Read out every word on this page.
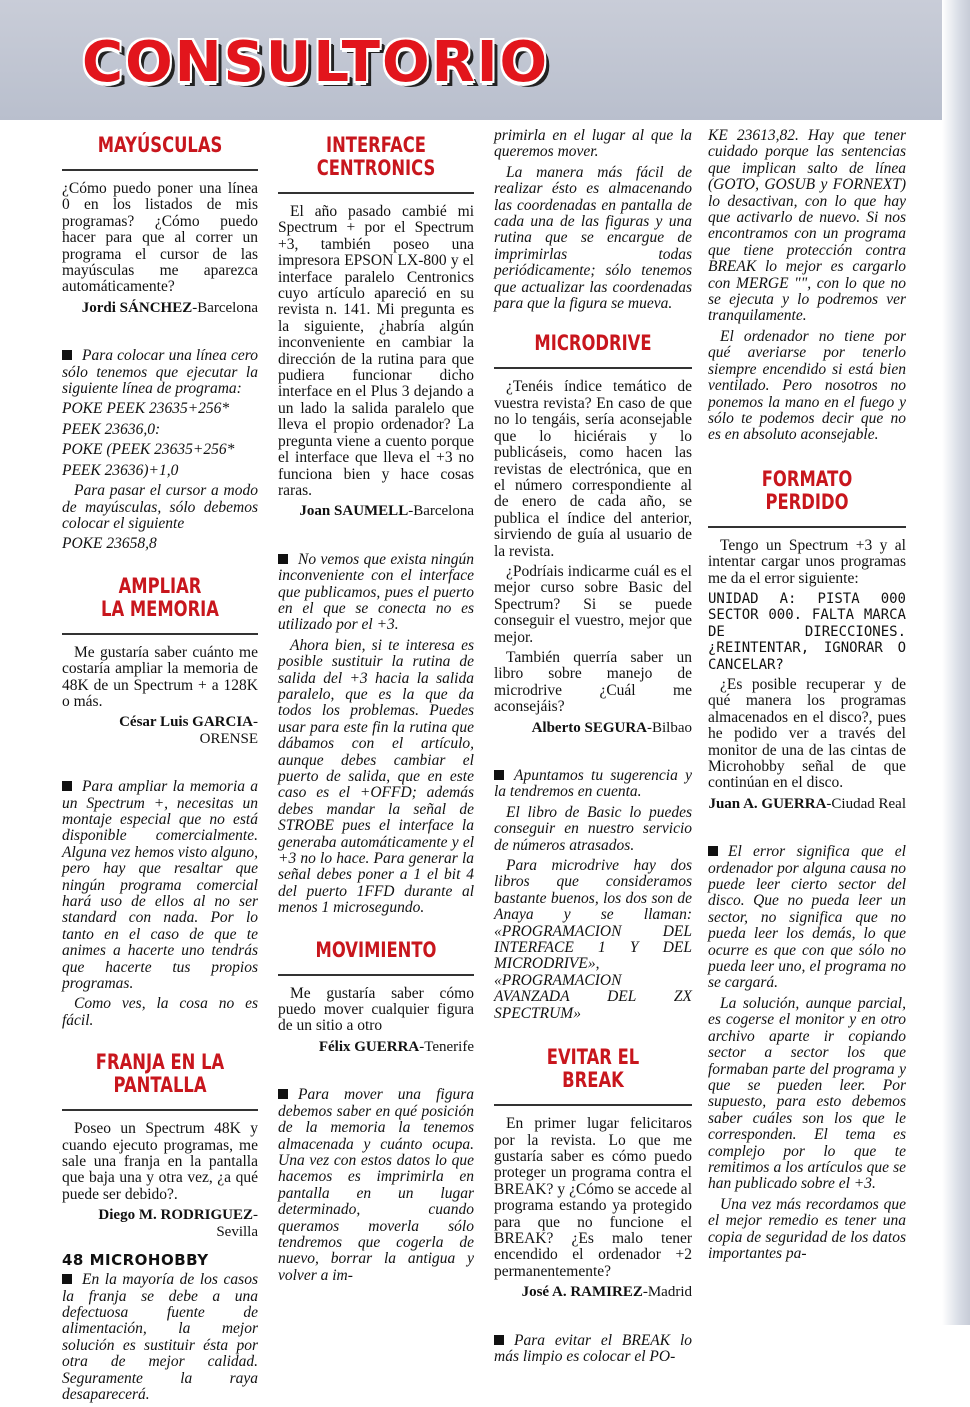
CONSULTORIO
MAYÚSCULAS

¿Cómo puedo poner una línea 0 en los listados de mis programas? ¿Cómo puedo hacer para que al correr un programa el cursor de las mayúsculas me aparezca automáticamente?

Jordi SÁNCHEZ-Barcelona

Para colocar una línea cero sólo tenemos que ejecutar la siguiente línea de programa:

POKE PEEK 23635+256*

PEEK 23636,0:

POKE (PEEK 23635+256*

PEEK 23636)+1,0

Para pasar el cursor a modo de mayúsculas, sólo debemos colocar el siguiente

POKE 23658,8

AMPLIAR
LA MEMORIA

Me gustaría saber cuánto me costaría ampliar la memoria de 48K de un Spectrum + a 128K o más.

César Luis GARCIA-ORENSE

Para ampliar la memoria a un Spectrum +, necesitas un montaje especial que no está disponible comercialmente. Alguna vez hemos visto alguno, pero hay que resaltar que ningún programa comercial hará uso de ellos al no ser standard con nada. Por lo tanto en el caso de que te animes a hacerte uno tendrás que hacerte tus propios programas.

Como ves, la cosa no es fácil.

FRANJA EN LA
PANTALLA

Poseo un Spectrum 48K y cuando ejecuto programas, me sale una franja en la pantalla que baja una y otra vez, ¿a qué puede ser debido?.

Diego M. RODRIGUEZ-Sevilla

En la mayoría de los casos la franja se debe a una defectuosa fuente de alimentación, la mejor solución es sustituir ésta por otra de mejor calidad. Seguramente la raya desaparecerá.

INTERFACE
CENTRONICS

El año pasado cambié mi Spectrum + por el Spectrum +3, también poseo una impresora EPSON LX-800 y el interface paralelo Centronics cuyo artículo apareció en su revista n. 141. Mi pregunta es la siguiente, ¿habría algún inconveniente en cambiar la dirección de la rutina para que pudiera funcionar dicho interface en el Plus 3 dejando a un lado la salida paralelo que lleva el propio ordenador? La pregunta viene a cuento porque el interface que lleva el +3 no funciona bien y hace cosas raras.

Joan SAUMELL-Barcelona

No vemos que exista ningún inconveniente con el interface que publicamos, pues el puerto en el que se conecta no es utilizado por el +3.

Ahora bien, si te interesa es posible sustituir la rutina de salida del +3 hacia la salida paralelo, que es la que da todos los problemas. Puedes usar para este fin la rutina que dábamos con el artículo, aunque debes cambiar el puerto de salida, que en este caso es el +OFFD; además debes mandar la señal de STROBE pues el interface la generaba automáticamente y el +3 no lo hace. Para generar la señal debes poner a 1 el bit 4 del puerto 1FFD durante al menos 1 microsegundo.

MOVIMIENTO

Me gustaría saber cómo puedo mover cualquier figura de un sitio a otro

Félix GUERRA-Tenerife

Para mover una figura debemos saber en qué posición de la memoria la tenemos almacenada y cuánto ocupa. Una vez con estos datos lo que hacemos es imprimirla en pantalla en un lugar determinado, cuando queramos moverla sólo tendremos que cogerla de nuevo, borrar la antigua y volver a im-

primirla en el lugar al que la queremos mover.

La manera más fácil de realizar ésto es almacenando las coordenadas en pantalla de cada una de las figuras y una rutina que se encargue de imprimirlas todas periódicamente; sólo tenemos que actualizar las coordenadas para que la figura se mueva.

MICRODRIVE

¿Tenéis índice temático de vuestra revista? En caso de que no lo tengáis, sería aconsejable que lo hiciérais y lo publicáseis, como hacen las revistas de electrónica, que en el número correspondiente al de enero de cada año, se publica el índice del anterior, sirviendo de guía al usuario de la revista.

¿Podríais indicarme cuál es el mejor curso sobre Basic del Spectrum? Si se puede conseguir el vuestro, mejor que mejor.

También querría saber un libro sobre manejo de microdrive ¿Cuál me aconsejáis?

Alberto SEGURA-Bilbao

Apuntamos tu sugerencia y la tendremos en cuenta.

El libro de Basic lo puedes conseguir en nuestro servicio de números atrasados.

Para microdrive hay dos libros que consideramos bastante buenos, los dos son de Anaya y se llaman: «PROGRAMACION DEL INTERFACE 1 Y DEL MICRODRIVE», «PROGRAMACION AVANZADA DEL ZX SPECTRUM»

EVITAR EL BREAK

En primer lugar felicitaros por la revista. Lo que me gustaría saber es cómo puedo proteger un programa contra el BREAK? y ¿Cómo se accede al programa estando ya protegido para que no funcione el BREAK? ¿Es malo tener encendido el ordenador +2 permanentemente?

José A. RAMIREZ-Madrid

Para evitar el BREAK lo más limpio es colocar el PO-

KE 23613,82. Hay que tener cuidado porque las sentencias que implican salto de línea (GOTO, GOSUB y FORNEXT) lo desactivan, con lo que hay que activarlo de nuevo. Si nos encontramos con un programa que tiene protección contra BREAK lo mejor es cargarlo con MERGE "", con lo que no se ejecuta y lo podremos ver tranquilamente.

El ordenador no tiene por qué averiarse por tenerlo siempre encendido si está bien ventilado. Pero nosotros no ponemos la mano en el fuego y sólo te podemos decir que no es en absoluto aconsejable.

FORMATO PERDIDO

Tengo un Spectrum +3 y al intentar cargar unos programas me da el error siguiente:

UNIDAD A: PISTA 000 SECTOR 000. FALTA MARCA DE DIRECCIONES. ¿REINTENTAR, IGNORAR O CANCELAR?

¿Es posible recuperar y de qué manera los programas almacenados en el disco?, pues he podido ver a través del monitor de una de las cintas de Microhobby señal de que continúan en el disco.

Juan A. GUERRA-Ciudad Real

El error significa que el ordenador por alguna causa no puede leer cierto sector del disco. Que no pueda leer un sector, no significa que no pueda leer los demás, lo que ocurre es que con que sólo no pueda leer uno, el programa no se cargará.

La solución, aunque parcial, es cogerse el monitor y en otro archivo aparte ir copiando sector a sector los que formaban parte del programa y que se pueden leer. Por supuesto, para esto debemos saber cuáles son los que le corresponden. El tema es complejo por lo que te remitimos a los artículos que se han publicado sobre el +3.

Una vez más recordamos que el mejor remedio es tener una copia de seguridad de los datos importantes pa-

48 MICROHOBBY
